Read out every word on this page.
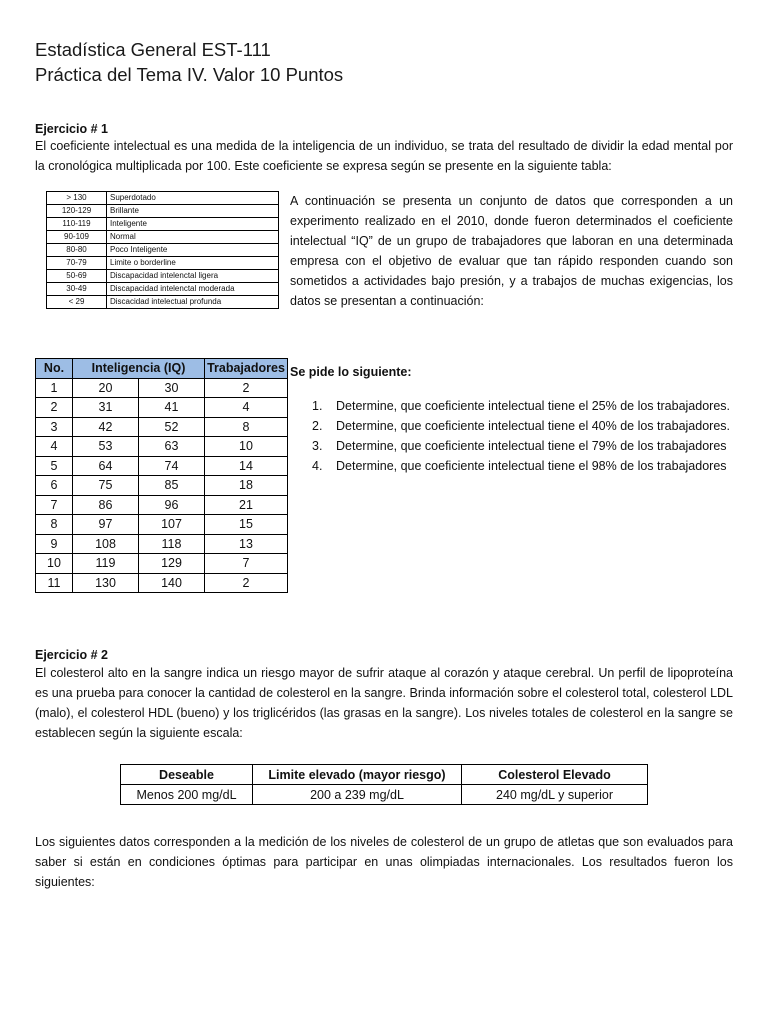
Estadística General EST-111
Práctica del Tema IV. Valor 10 Puntos
Ejercicio # 1
El coeficiente intelectual es una medida de la inteligencia de un individuo, se trata del resultado de dividir la edad mental por la cronológica multiplicada por 100. Este coeficiente se expresa según se presente en la siguiente tabla:
> 130	Superdotado
120-129	Brillante
110-119	Inteligente
90-109	Normal
80-80	Poco Inteligente
70-79	Limite o borderline
50-69	Discapacidad intelenctal ligera
30-49	Discapacidad intelenctal moderada
< 29	Discacidad intelectual profunda
A continuación se presenta un conjunto de datos que corresponden a un experimento realizado en el 2010, donde fueron determinados el coeficiente intelectual “IQ” de un grupo de trabajadores que laboran en una determinada empresa con el objetivo de evaluar que tan rápido responden cuando son sometidos a actividades bajo presión, y a trabajos de muchas exigencias, los datos se presentan a continuación:
No.	Inteligencia (IQ)		Trabajadores
1	20	30	2
2	31	41	4
3	42	52	8
4	53	63	10
5	64	74	14
6	75	85	18
7	86	96	21
8	97	107	15
9	108	118	13
10	119	129	7
11	130	140	2
Se pide lo siguiente:
1. Determine, que coeficiente intelectual tiene el 25% de los trabajadores.
2. Determine, que coeficiente intelectual tiene el 40% de los trabajadores.
3. Determine, que coeficiente intelectual tiene el 79% de los trabajadores
4. Determine, que coeficiente intelectual tiene el 98% de los trabajadores
Ejercicio # 2
El colesterol alto en la sangre indica un riesgo mayor de sufrir ataque al corazón y ataque cerebral. Un perfil de lipoproteína es una prueba para conocer la cantidad de colesterol en la sangre. Brinda información sobre el colesterol total, colesterol LDL (malo), el colesterol HDL (bueno) y los triglicéridos (las grasas en la sangre). Los niveles totales de colesterol en la sangre se establecen según la siguiente escala:
Deseable	Limite elevado (mayor riesgo)	Colesterol Elevado
Menos 200 mg/dL	200 a 239 mg/dL	240 mg/dL y superior
Los siguientes datos corresponden a la medición de los niveles de colesterol de un grupo de atletas que son evaluados para saber si están en condiciones óptimas para participar en unas olimpiadas internacionales. Los resultados fueron los siguientes:
